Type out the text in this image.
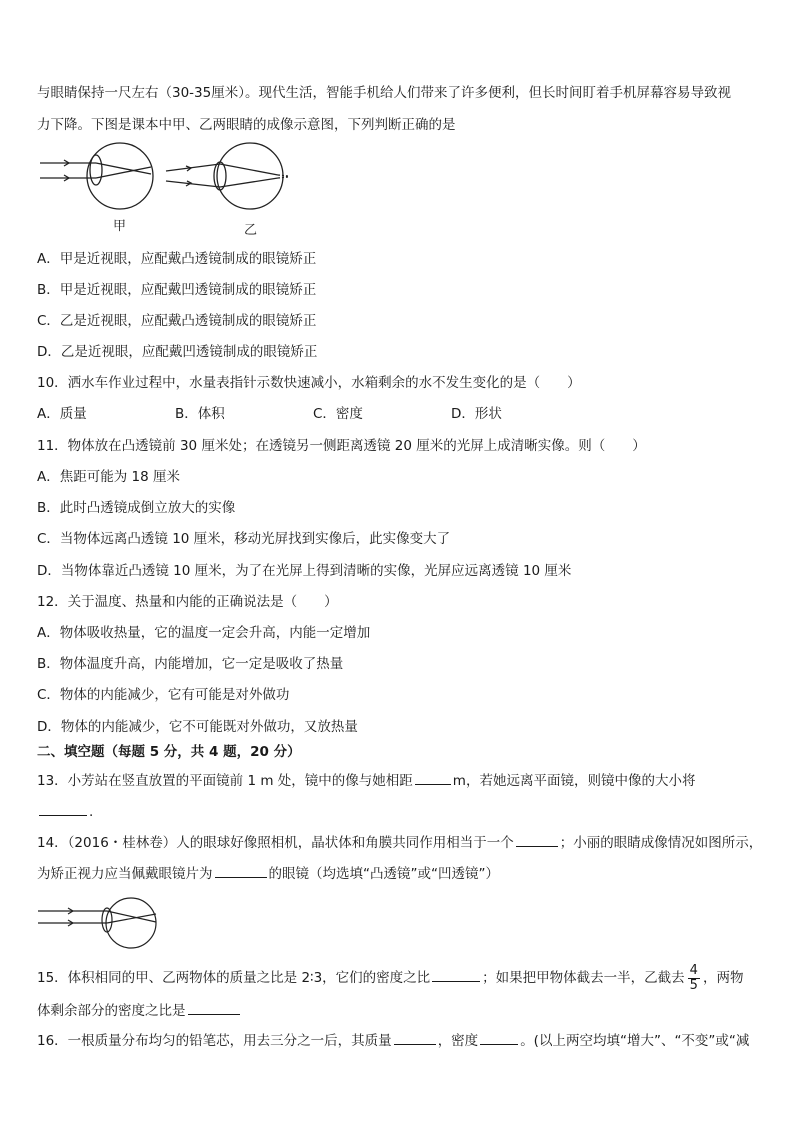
与眼睛保持一尺左右（30-35厘米）。现代生活，智能手机给人们带来了许多便利，但长时间盯着手机屏幕容易导致视
力下降。下图是课本中甲、乙两眼睛的成像示意图，下列判断正确的是
甲	乙
A．甲是近视眼，应配戴凸透镜制成的眼镜矫正
B．甲是近视眼，应配戴凹透镜制成的眼镜矫正
C．乙是近视眼，应配戴凸透镜制成的眼镜矫正
D．乙是近视眼，应配戴凹透镜制成的眼镜矫正
10．洒水车作业过程中，水量表指针示数快速减小，水箱剩余的水不发生变化的是（　　）
A．质量	B．体积	C．密度	D．形状
11．物体放在凸透镜前 30 厘米处；在透镜另一侧距离透镜 20 厘米的光屏上成清晰实像。则（　　）
A．焦距可能为 18 厘米
B．此时凸透镜成倒立放大的实像
C．当物体远离凸透镜 10 厘米，移动光屏找到实像后，此实像变大了
D．当物体靠近凸透镜 10 厘米，为了在光屏上得到清晰的实像，光屏应远离透镜 10 厘米
12．关于温度、热量和内能的正确说法是（　　）
A．物体吸收热量，它的温度一定会升高，内能一定增加
B．物体温度升高，内能增加，它一定是吸收了热量
C．物体的内能减少，它有可能是对外做功
D．物体的内能减少，它不可能既对外做功，又放热量
二、填空题（每题 5 分，共 4 题，20 分）
13．小芳站在竖直放置的平面镜前 1 m 处，镜中的像与她相距	m，若她远离平面镜，则镜中像的大小将
.
14．（2016・桂林卷）人的眼球好像照相机，晶状体和角膜共同作用相当于一个	；小丽的眼睛成像情况如图所示，
为矫正视力应当佩戴眼镜片为	的眼镜（均选填“凸透镜”或“凹透镜”）
15．体积相同的甲、乙两物体的质量之比是 2∶3，它们的密度之比	；如果把甲物体截去一半，乙截去 $\frac{4}{5}$ ，两物
体剩余部分的密度之比是
16．一根质量分布均匀的铅笔芯，用去三分之一后，其质量	，密度	。(以上两空均填“增大”、“不变”或“减
